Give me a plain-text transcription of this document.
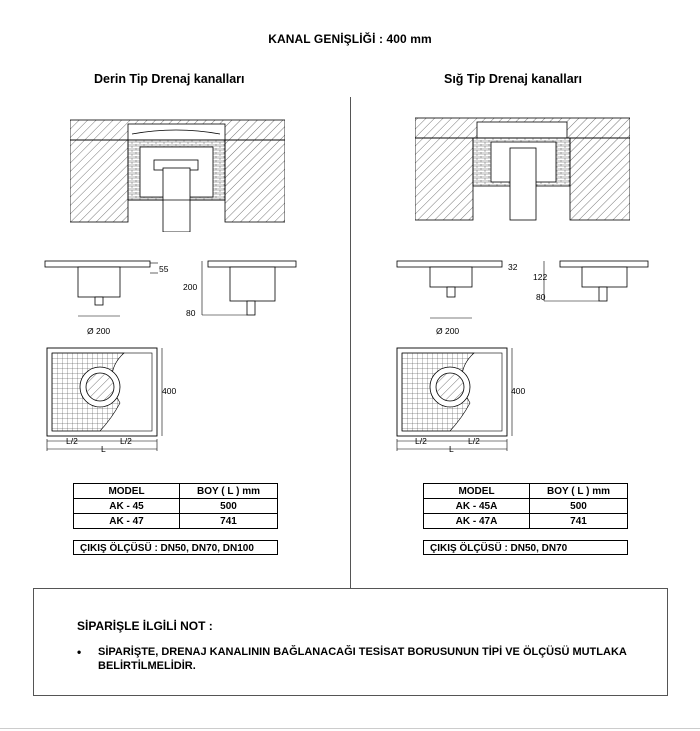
KANAL GENİŞLİĞİ : 400 mm
Derin Tip Drenaj kanalları	Sığ Tip Drenaj kanalları
55
200
80
Ø 200
400
L/2	L/2
L
32
122
80
Ø 200
400
L/2	L/2
L
MODEL	BOY ( L ) mm
AK - 45	500
AK - 47	741
ÇIKIŞ ÖLÇÜSÜ : DN50, DN70, DN100
MODEL	BOY ( L ) mm
AK - 45A	500
AK - 47A	741
ÇIKIŞ ÖLÇÜSÜ : DN50, DN70
SİPARİŞLE İLGİLİ NOT :
• SİPARİŞTE, DRENAJ KANALININ BAĞLANACAĞI TESİSAT BORUSUNUN TİPİ VE ÖLÇÜSÜ MUTLAKA BELİRTİLMELİDİR.
